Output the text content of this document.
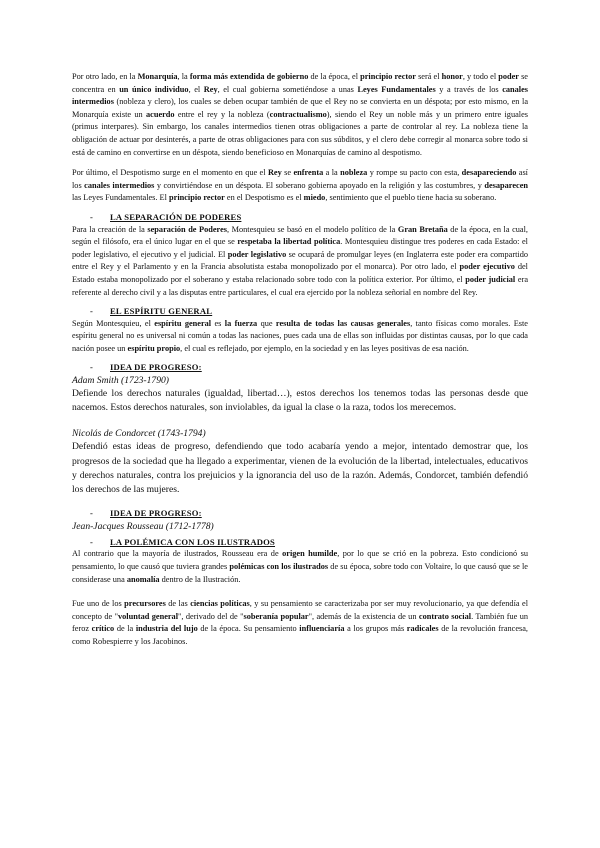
Por otro lado, en la Monarquía, la forma más extendida de gobierno de la época, el principio rector será el honor, y todo el poder se concentra en un único individuo, el Rey, el cual gobierna sometiéndose a unas Leyes Fundamentales y a través de los canales intermedios (nobleza y clero), los cuales se deben ocupar también de que el Rey no se convierta en un déspota; por esto mismo, en la Monarquía existe un acuerdo entre el rey y la nobleza (contractualismo), siendo el Rey un noble más y un primero entre iguales (primus interpares). Sin embargo, los canales intermedios tienen otras obligaciones a parte de controlar al rey. La nobleza tiene la obligación de actuar por desinterés, a parte de otras obligaciones para con sus súbditos, y el clero debe corregir al monarca sobre todo si está de camino en convertirse en un déspota, siendo beneficioso en Monarquías de camino al despotismo.

Por último, el Despotismo surge en el momento en que el Rey se enfrenta a la nobleza y rompe su pacto con esta, desapareciendo así los canales intermedios y convirtiéndose en un déspota. El soberano gobierna apoyado en la religión y las costumbres, y desaparecen las Leyes Fundamentales. El principio rector en el Despotismo es el miedo, sentimiento que el pueblo tiene hacia su soberano.

-	LA SEPARACIÓN DE PODERES

Para la creación de la separación de Poderes, Montesquieu se basó en el modelo político de la Gran Bretaña de la época, en la cual, según el filósofo, era el único lugar en el que se respetaba la libertad política. Montesquieu distingue tres poderes en cada Estado: el poder legislativo, el ejecutivo y el judicial. El poder legislativo se ocupará de promulgar leyes (en Inglaterra este poder era compartido entre el Rey y el Parlamento y en la Francia absolutista estaba monopolizado por el monarca). Por otro lado, el poder ejecutivo del Estado estaba monopolizado por el soberano y estaba relacionado sobre todo con la política exterior. Por último, el poder judicial era referente al derecho civil y a las disputas entre particulares, el cual era ejercido por la nobleza señorial en nombre del Rey.

-	EL ESPÍRITU GENERAL

Según Montesquieu, el espíritu general es la fuerza que resulta de todas las causas generales, tanto físicas como morales. Este espíritu general no es universal ni común a todas las naciones, pues cada una de ellas son influidas por distintas causas, por lo que cada nación posee un espíritu propio, el cual es reflejado, por ejemplo, en la sociedad y en las leyes positivas de esa nación.

-	IDEA DE PROGRESO:
Adam Smith (1723-1790)

Defiende los derechos naturales (igualdad, libertad…), estos derechos los tenemos todas las personas desde que nacemos. Estos derechos naturales, son inviolables, da igual la clase o la raza, todos los merecemos.

Nicolás de Condorcet (1743-1794)

Defendió estas ideas de progreso, defendiendo que todo acabaría yendo a mejor, intentado demostrar que, los progresos de la sociedad que ha llegado a experimentar, vienen de la evolución de la libertad, intelectuales, educativos y derechos naturales, contra los prejuicios y la ignorancia del uso de la razón. Además, Condorcet, también defendió los derechos de las mujeres.

-	IDEA DE PROGRESO:
Jean-Jacques Rousseau (1712-1778)
-	LA POLÉMICA CON LOS ILUSTRADOS

Al contrario que la mayoría de ilustrados, Rousseau era de origen humilde, por lo que se crió en la pobreza. Esto condicionó su pensamiento, lo que causó que tuviera grandes polémicas con los ilustrados de su época, sobre todo con Voltaire, lo que causó que se le considerase una anomalía dentro de la Ilustración.

Fue uno de los precursores de las ciencias políticas, y su pensamiento se caracterizaba por ser muy revolucionario, ya que defendía el concepto de "voluntad general", derivado del de "soberanía popular", además de la existencia de un contrato social. También fue un feroz crítico de la industria del lujo de la época. Su pensamiento influenciaría a los grupos más radicales de la revolución francesa, como Robespierre y los Jacobinos.
